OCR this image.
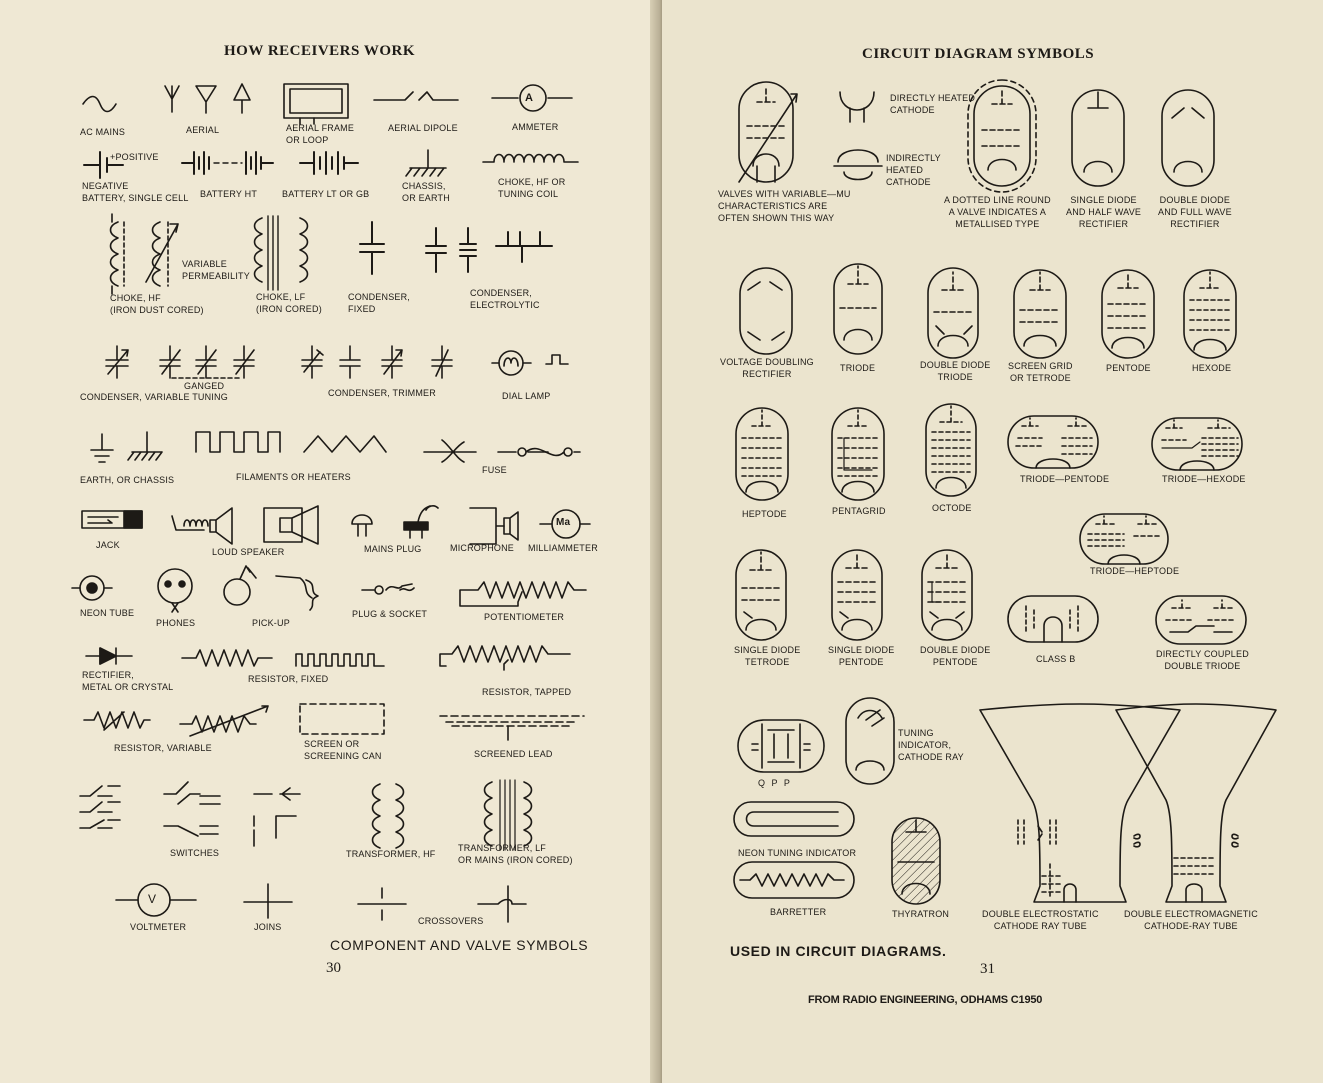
HOW RECEIVERS WORK
AC MAINS	AERIAL	AERIAL FRAME
OR LOOP
AERIAL DIPOLE	AMMETER
A
+POSITIVE
NEGATIVE
BATTERY, SINGLE CELL BATTERY HT	BATTERY LT OR GB
CHASSIS,
OR EARTH
CHOKE, HF OR
TUNING COIL
VARIABLE
PERMEABILITY
CHOKE, HF
(IRON DUST CORED)
CHOKE, LF
(IRON CORED)
CONDENSER,
FIXED
CONDENSER,
ELECTROLYTIC
GANGED
CONDENSER, VARIABLE TUNING	CONDENSER, TRIMMER	DIAL LAMP
EARTH, OR CHASSIS	FILAMENTS OR HEATERS
FUSE
JACK
LOUD SPEAKER	MAINS PLUG	MICROPHONE MILLIAMMETER
Ma
NEON TUBE
PHONES	PICK-UP
PLUG & SOCKET	POTENTIOMETER
RECTIFIER,
METAL OR CRYSTAL
RESISTOR, FIXED
RESISTOR, TAPPED
RESISTOR, VARIABLE	SCREEN OR
SCREENING CAN	SCREENED LEAD
SWITCHES	TRANSFORMER, HF
TRANSFORMER, LF
OR MAINS (IRON CORED)
VOLTMETER
V
JOINS
CROSSOVERS
COMPONENT AND VALVE SYMBOLS
30
CIRCUIT DIAGRAM SYMBOLS
VALVES WITH VARIABLE—MU
CHARACTERISTICS ARE
OFTEN SHOWN THIS WAY
DIRECTLY HEATED
CATHODE
INDIRECTLY
HEATED
CATHODE
A DOTTED LINE ROUND
A VALVE INDICATES A
METALLISED TYPE
SINGLE DIODE
AND HALF WAVE
RECTIFIER
DOUBLE DIODE
AND FULL WAVE
RECTIFIER
VOLTAGE DOUBLING
RECTIFIER
TRIODE	DOUBLE DIODE
TRIODE
SCREEN GRID
OR TETRODE
PENTODE	HEXODE
HEPTODE	PENTAGRID	OCTODE
TRIODE—PENTODE	TRIODE—HEXODE
TRIODE—HEPTODE
SINGLE DIODE
TETRODE
SINGLE DIODE
PENTODE
DOUBLE DIODE
PENTODE	CLASS B	DIRECTLY COUPLED
DOUBLE TRIODE
Q P P
TUNING
INDICATOR,
CATHODE RAY
NEON TUNING INDICATOR
BARRETTER	THYRATRON	DOUBLE ELECTROSTATIC
CATHODE RAY TUBE
DOUBLE ELECTROMAGNETIC
CATHODE-RAY TUBE
USED IN CIRCUIT DIAGRAMS.
31
FROM RADIO ENGINEERING, ODHAMS C1950
